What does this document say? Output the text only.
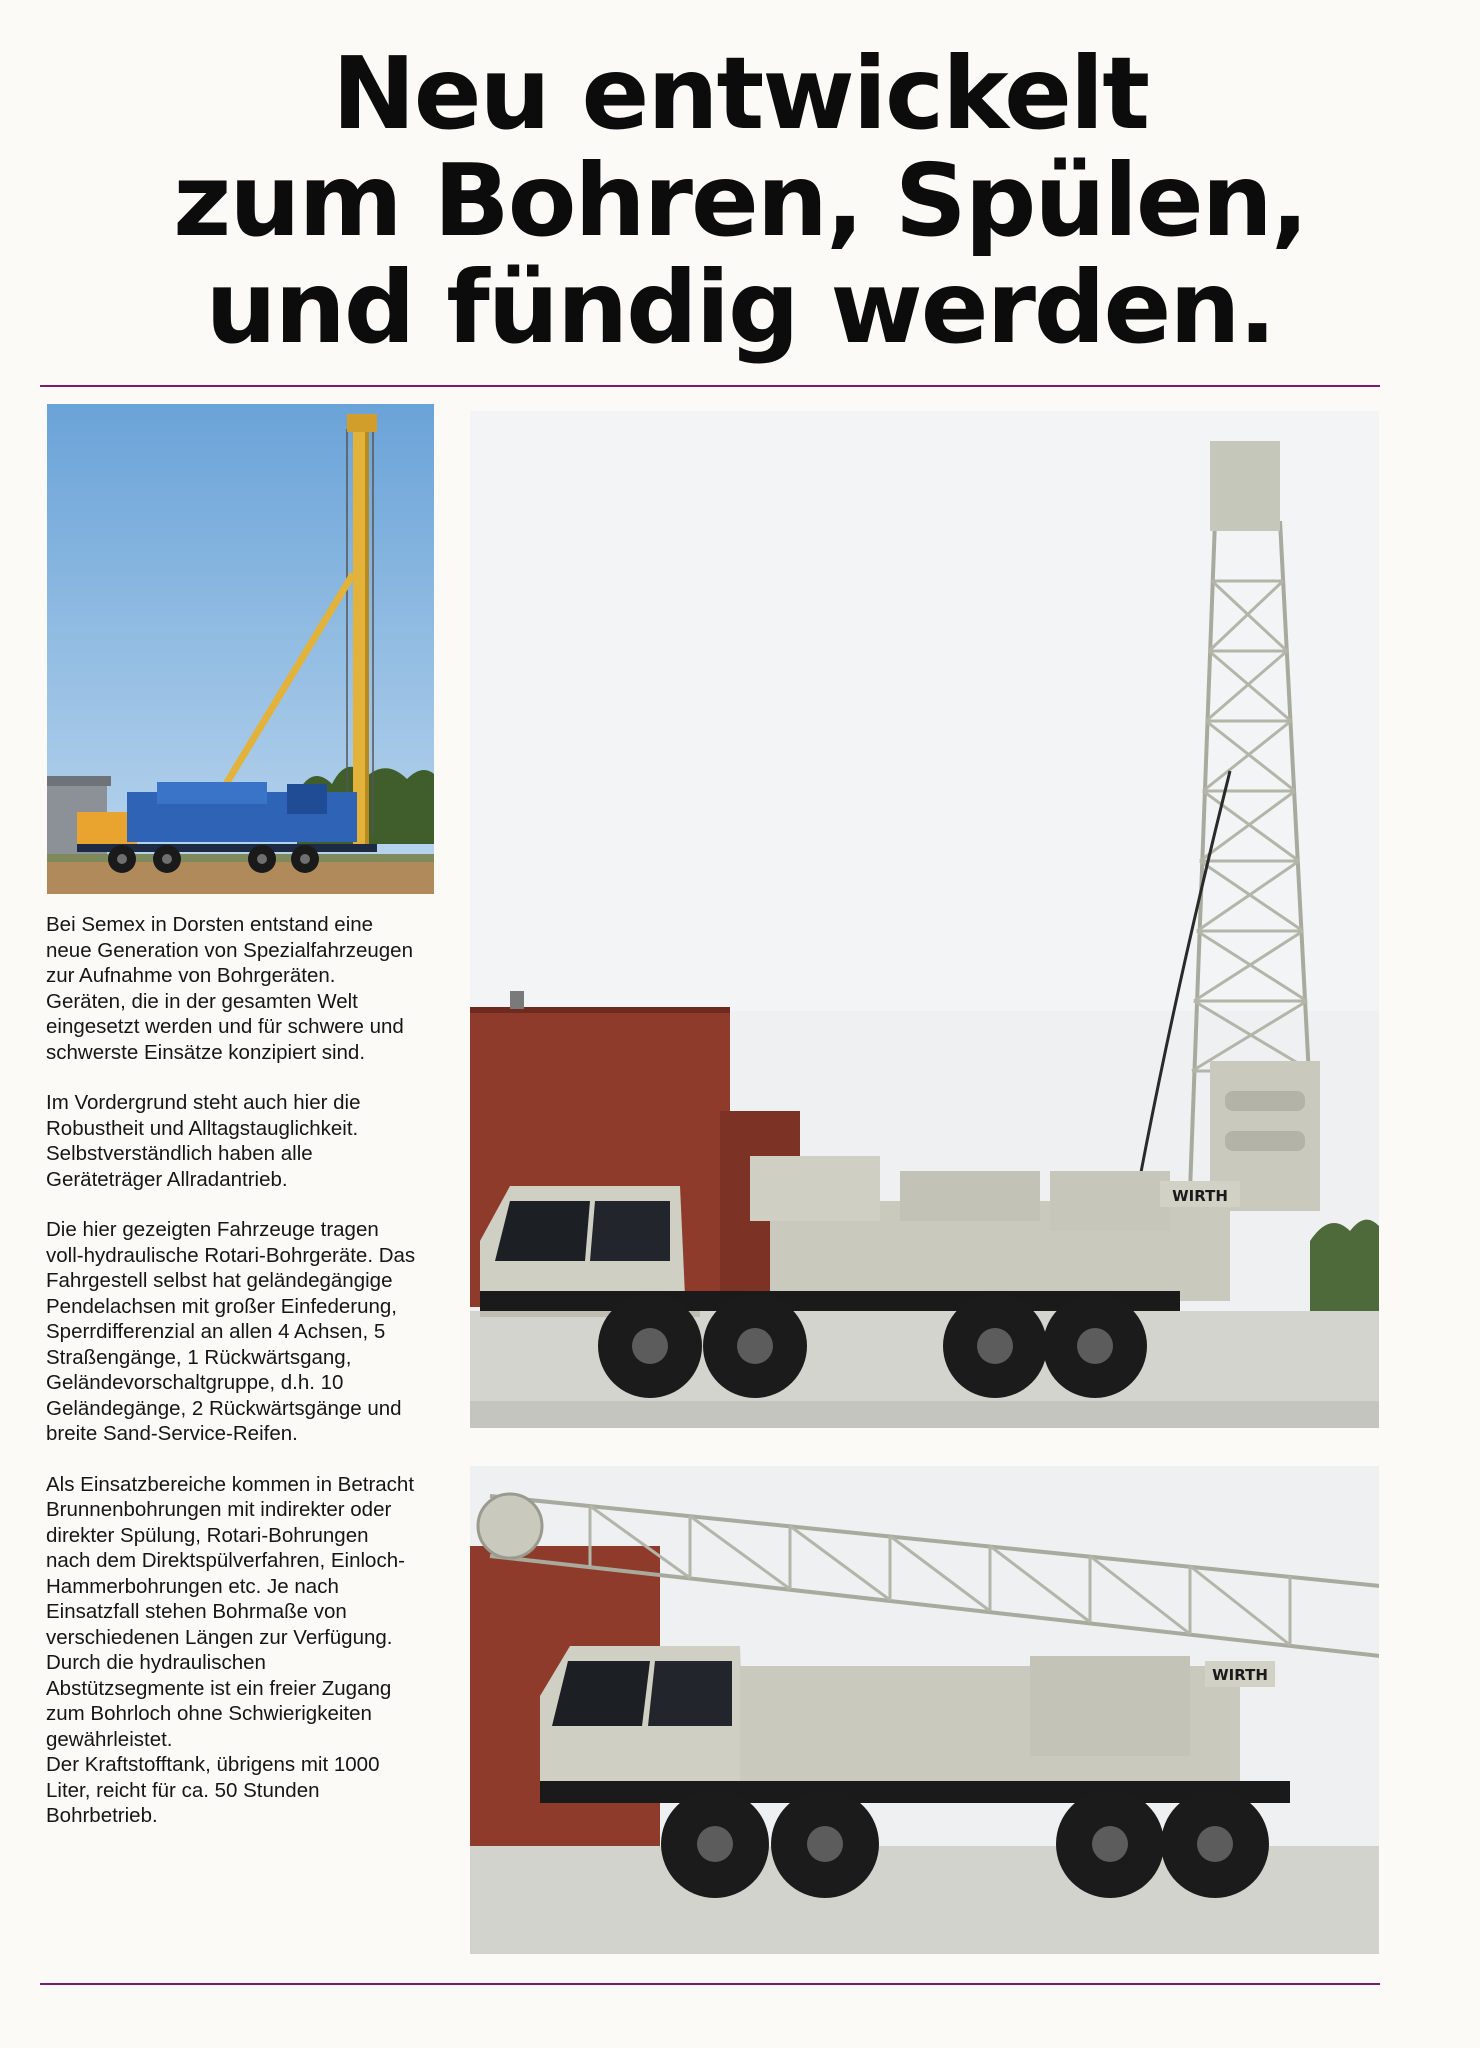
Neu entwickelt
zum Bohren, Spülen,
und fündig werden.
WIRTH
WIRTH

Bei Semex in Dorsten entstand eine neue Generation von Spezialfahrzeugen zur Aufnahme von Bohrgeräten. Geräten, die in der gesamten Welt eingesetzt werden und für schwere und schwerste Einsätze konzipiert sind.

Im Vordergrund steht auch hier die Robustheit und Alltagstauglichkeit. Selbstverständlich haben alle Geräteträger Allradantrieb.

Die hier gezeigten Fahrzeuge tragen voll-hydraulische Rotari-Bohrgeräte. Das Fahrgestell selbst hat geländegängige Pendelachsen mit großer Einfederung, Sperrdifferenzial an allen 4 Achsen, 5 Straßengänge, 1 Rückwärtsgang, Geländevorschaltgruppe, d.h. 10 Geländegänge, 2 Rückwärtsgänge und breite Sand-Service-Reifen.

Als Einsatzbereiche kommen in Betracht Brunnenbohrungen mit indirekter oder direkter Spülung, Rotari-Bohrungen nach dem Direktspülverfahren, Einloch-Hammerbohrungen etc. Je nach Einsatzfall stehen Bohrmaße von verschiedenen Längen zur Verfügung. Durch die hydraulischen Abstützsegmente ist ein freier Zugang zum Bohrloch ohne Schwierigkeiten gewährleistet.

Der Kraftstofftank, übrigens mit 1000 Liter, reicht für ca. 50 Stunden Bohrbetrieb.
